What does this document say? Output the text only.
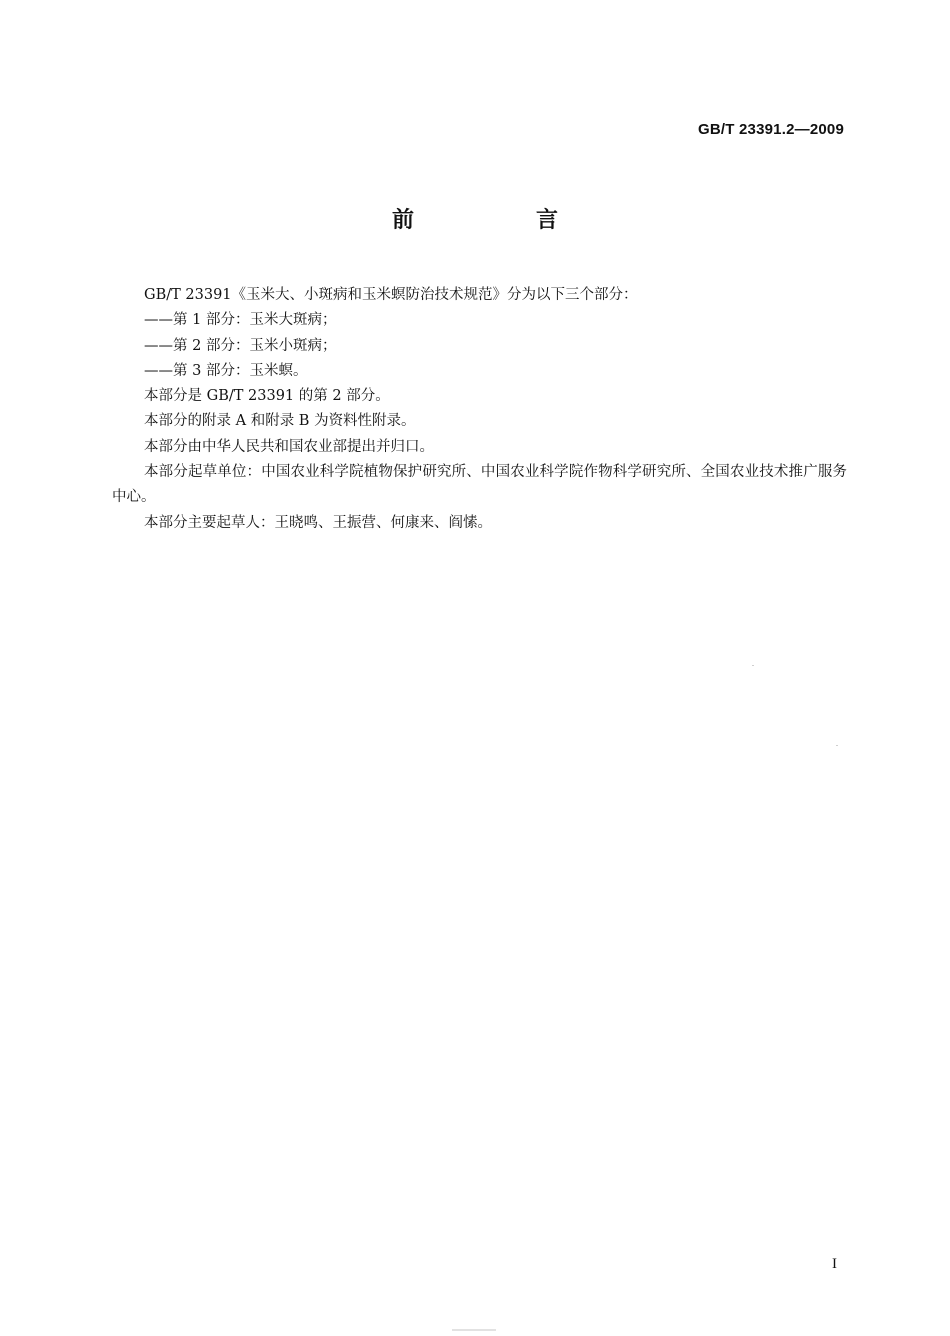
GB/T 23391.2—2009
前　言

GB/T 23391《玉米大、小斑病和玉米螟防治技术规范》分为以下三个部分：

——第 1 部分：玉米大斑病；

——第 2 部分：玉米小斑病；

——第 3 部分：玉米螟。

本部分是 GB/T 23391 的第 2 部分。

本部分的附录 A 和附录 B 为资料性附录。

本部分由中华人民共和国农业部提出并归口。

本部分起草单位：中国农业科学院植物保护研究所、中国农业科学院作物科学研究所、全国农业技术推广服务中心。

本部分主要起草人：王晓鸣、王振营、何康来、阎愫。

I
